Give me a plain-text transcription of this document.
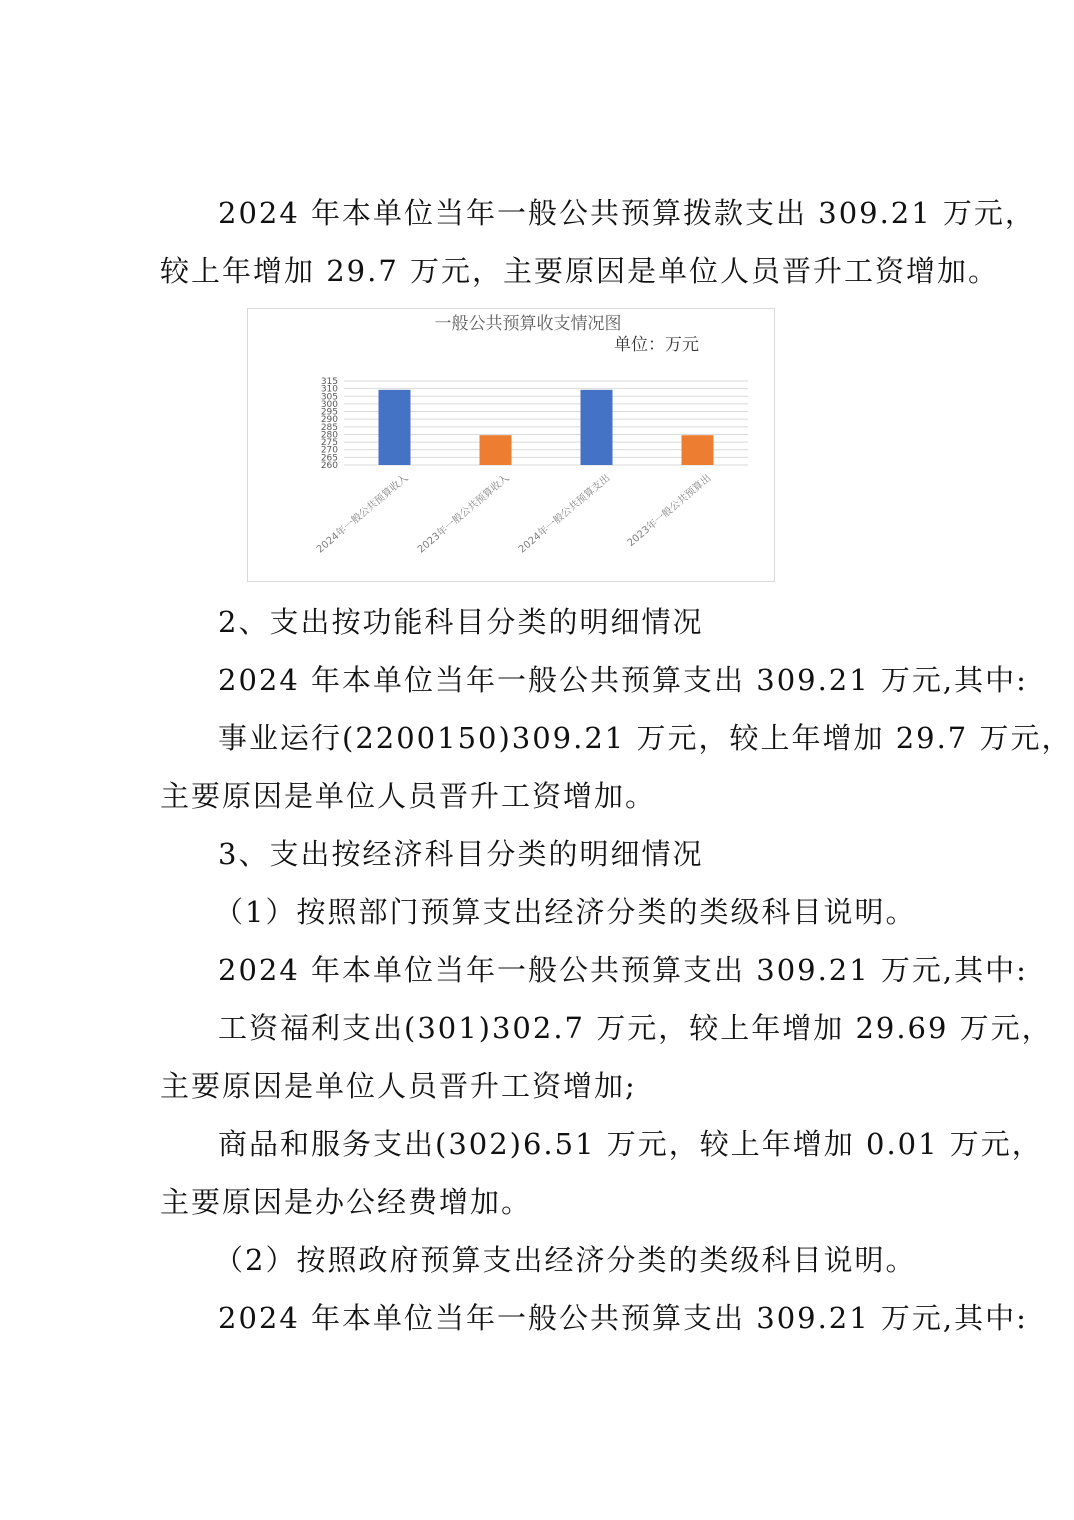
2024 年本单位当年一般公共预算拨款支出 309.21 万元，
较上年增加 29.7 万元，主要原因是单位人员晋升工资增加。
一般公共预算收支情况图
单位：万元
260
265
270
275
280
285
290
295
300
305
310
315
2024年一般公共预算收入 2023年一般公共预算收入 2024年一般公共预算支出 2023年一般公共预算出
2、支出按功能科目分类的明细情况
2024 年本单位当年一般公共预算支出 309.21 万元,其中:
事业运行(2200150)309.21 万元，较上年增加 29.7 万元，
主要原因是单位人员晋升工资增加。
3、支出按经济科目分类的明细情况
（1）按照部门预算支出经济分类的类级科目说明。
2024 年本单位当年一般公共预算支出 309.21 万元,其中:
工资福利支出(301)302.7 万元，较上年增加 29.69 万元，
主要原因是单位人员晋升工资增加;
商品和服务支出(302)6.51 万元，较上年增加 0.01 万元，
主要原因是办公经费增加。
（2）按照政府预算支出经济分类的类级科目说明。
2024 年本单位当年一般公共预算支出 309.21 万元,其中:
